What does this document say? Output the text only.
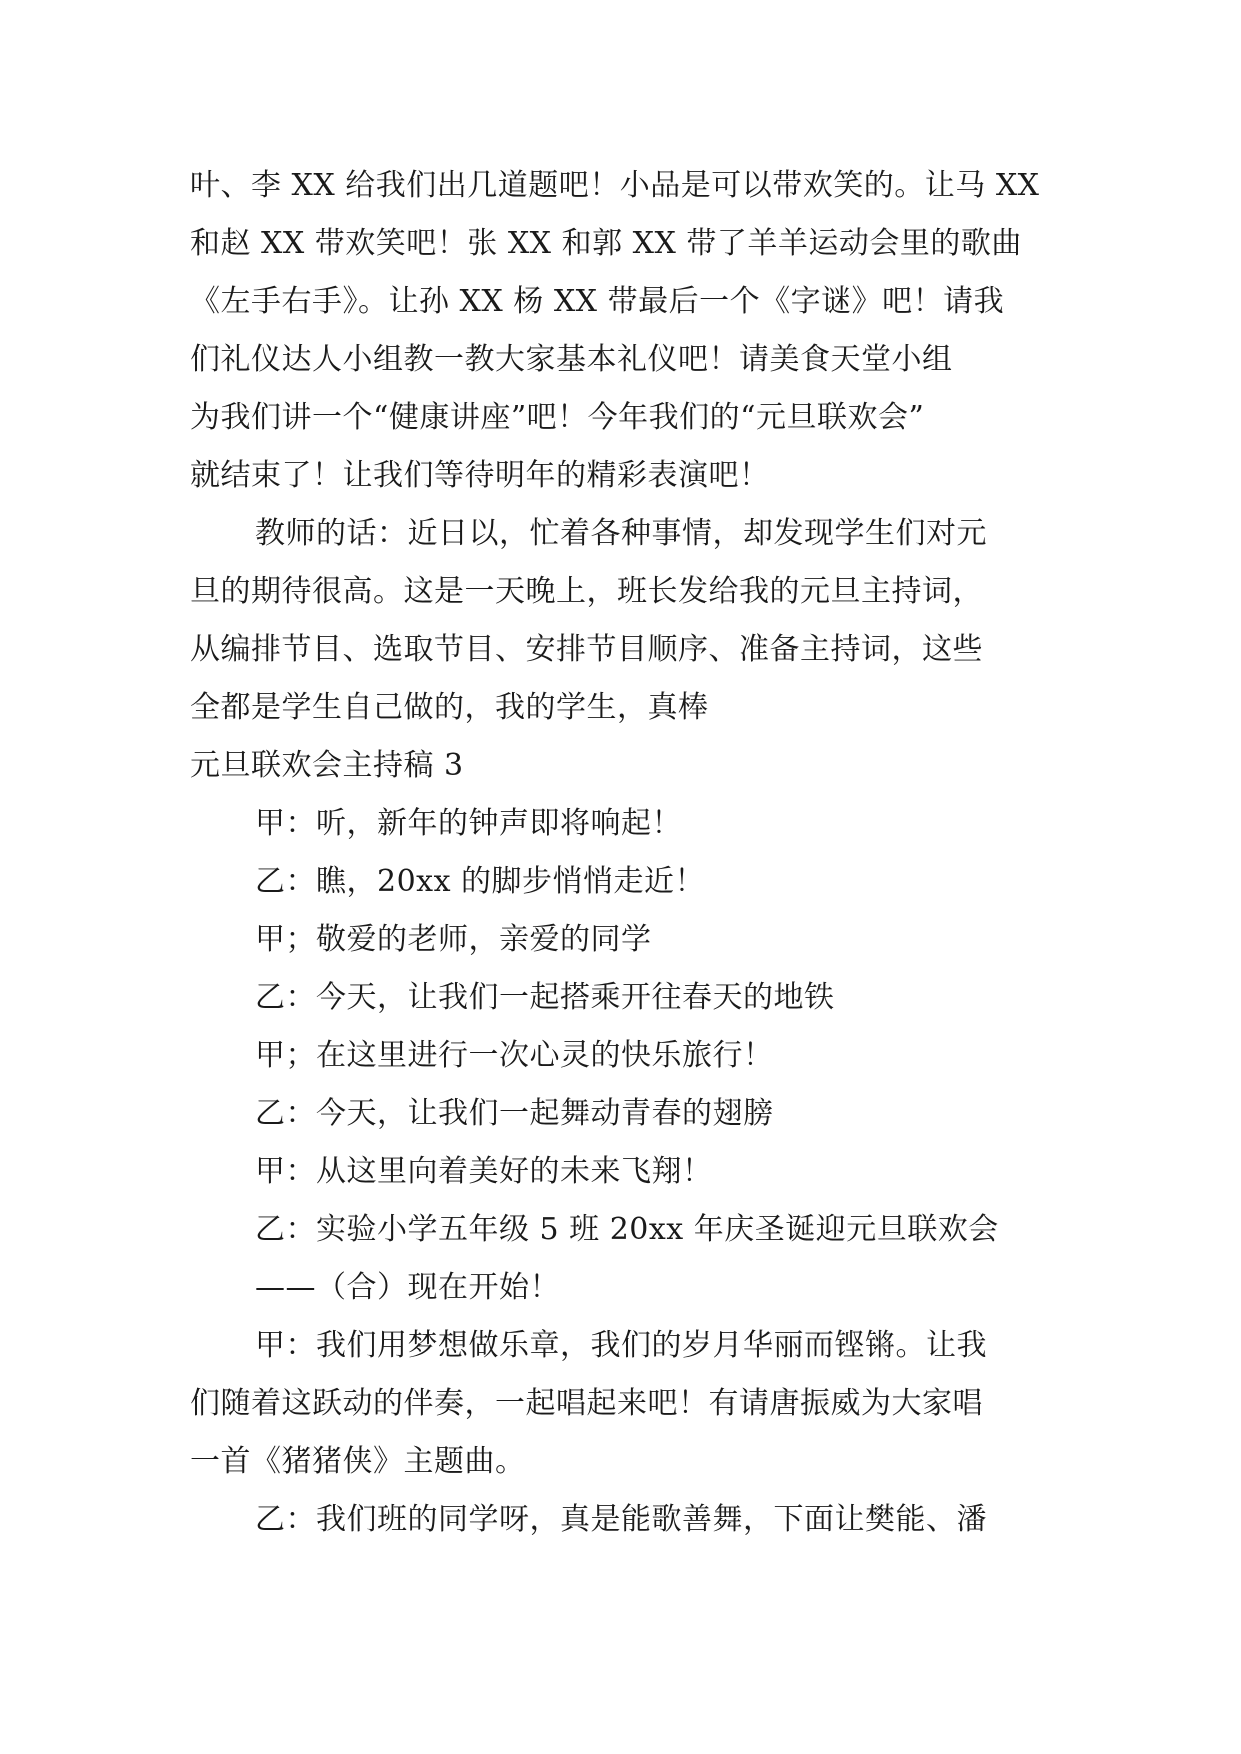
叶、李 XX 给我们出几道题吧！小品是可以带欢笑的。让马 XX
和赵 XX 带欢笑吧！张 XX 和郭 XX 带了羊羊运动会里的歌曲
《左手右手》。让孙 XX 杨 XX 带最后一个《字谜》吧！请我
们礼仪达人小组教一教大家基本礼仪吧！请美食天堂小组
为我们讲一个“健康讲座”吧！今年我们的“元旦联欢会”
就结束了！让我们等待明年的精彩表演吧！
教师的话：近日以，忙着各种事情，却发现学生们对元
旦的期待很高。这是一天晚上，班长发给我的元旦主持词，
从编排节目、选取节目、安排节目顺序、准备主持词，这些
全都是学生自己做的，我的学生，真棒
元旦联欢会主持稿 3
甲：听，新年的钟声即将响起！
乙：瞧，20xx 的脚步悄悄走近！
甲；敬爱的老师，亲爱的同学
乙：今天，让我们一起搭乘开往春天的地铁
甲；在这里进行一次心灵的快乐旅行！
乙：今天，让我们一起舞动青春的翅膀
甲：从这里向着美好的未来飞翔！
乙：实验小学五年级 5 班 20xx 年庆圣诞迎元旦联欢会
——（合）现在开始！
甲：我们用梦想做乐章，我们的岁月华丽而铿锵。让我
们随着这跃动的伴奏，一起唱起来吧！有请唐振威为大家唱
一首《猪猪侠》主题曲。
乙：我们班的同学呀，真是能歌善舞，下面让樊能、潘
